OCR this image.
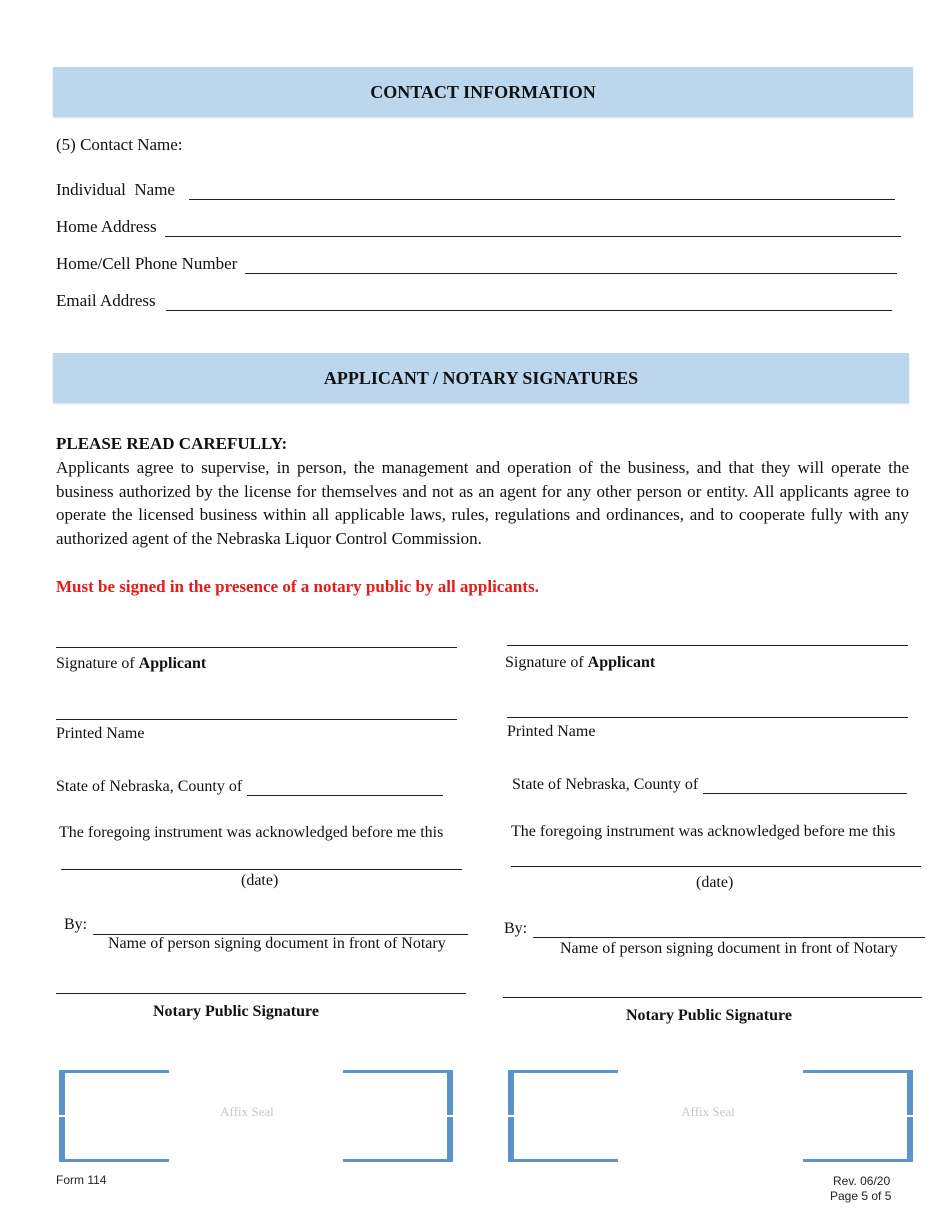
CONTACT INFORMATION
(5) Contact Name:
Individual  Name
Home Address
Home/Cell Phone Number
Email Address
APPLICANT / NOTARY SIGNATURES
PLEASE READ CAREFULLY:
Applicants agree to supervise, in person, the management and operation of the business, and that they will operate the business authorized by the license for themselves and not as an agent for any other person or entity. All applicants agree to operate the licensed business within all applicable laws, rules, regulations and ordinances, and to cooperate fully with any authorized agent of the Nebraska Liquor Control Commission.
Must be signed in the presence of a notary public by all applicants.
Signature of Applicant
Printed Name
State of Nebraska, County of
The foregoing instrument was acknowledged before me this
(date)
By:
Name of person signing document in front of Notary
Notary Public Signature
Affix Seal
Signature of Applicant
Printed Name
State of Nebraska, County of
The foregoing instrument was acknowledged before me this
(date)
By:
Name of person signing document in front of Notary
Notary Public Signature
Affix Seal
Form 114	Rev. 06/20
Page 5 of 5
